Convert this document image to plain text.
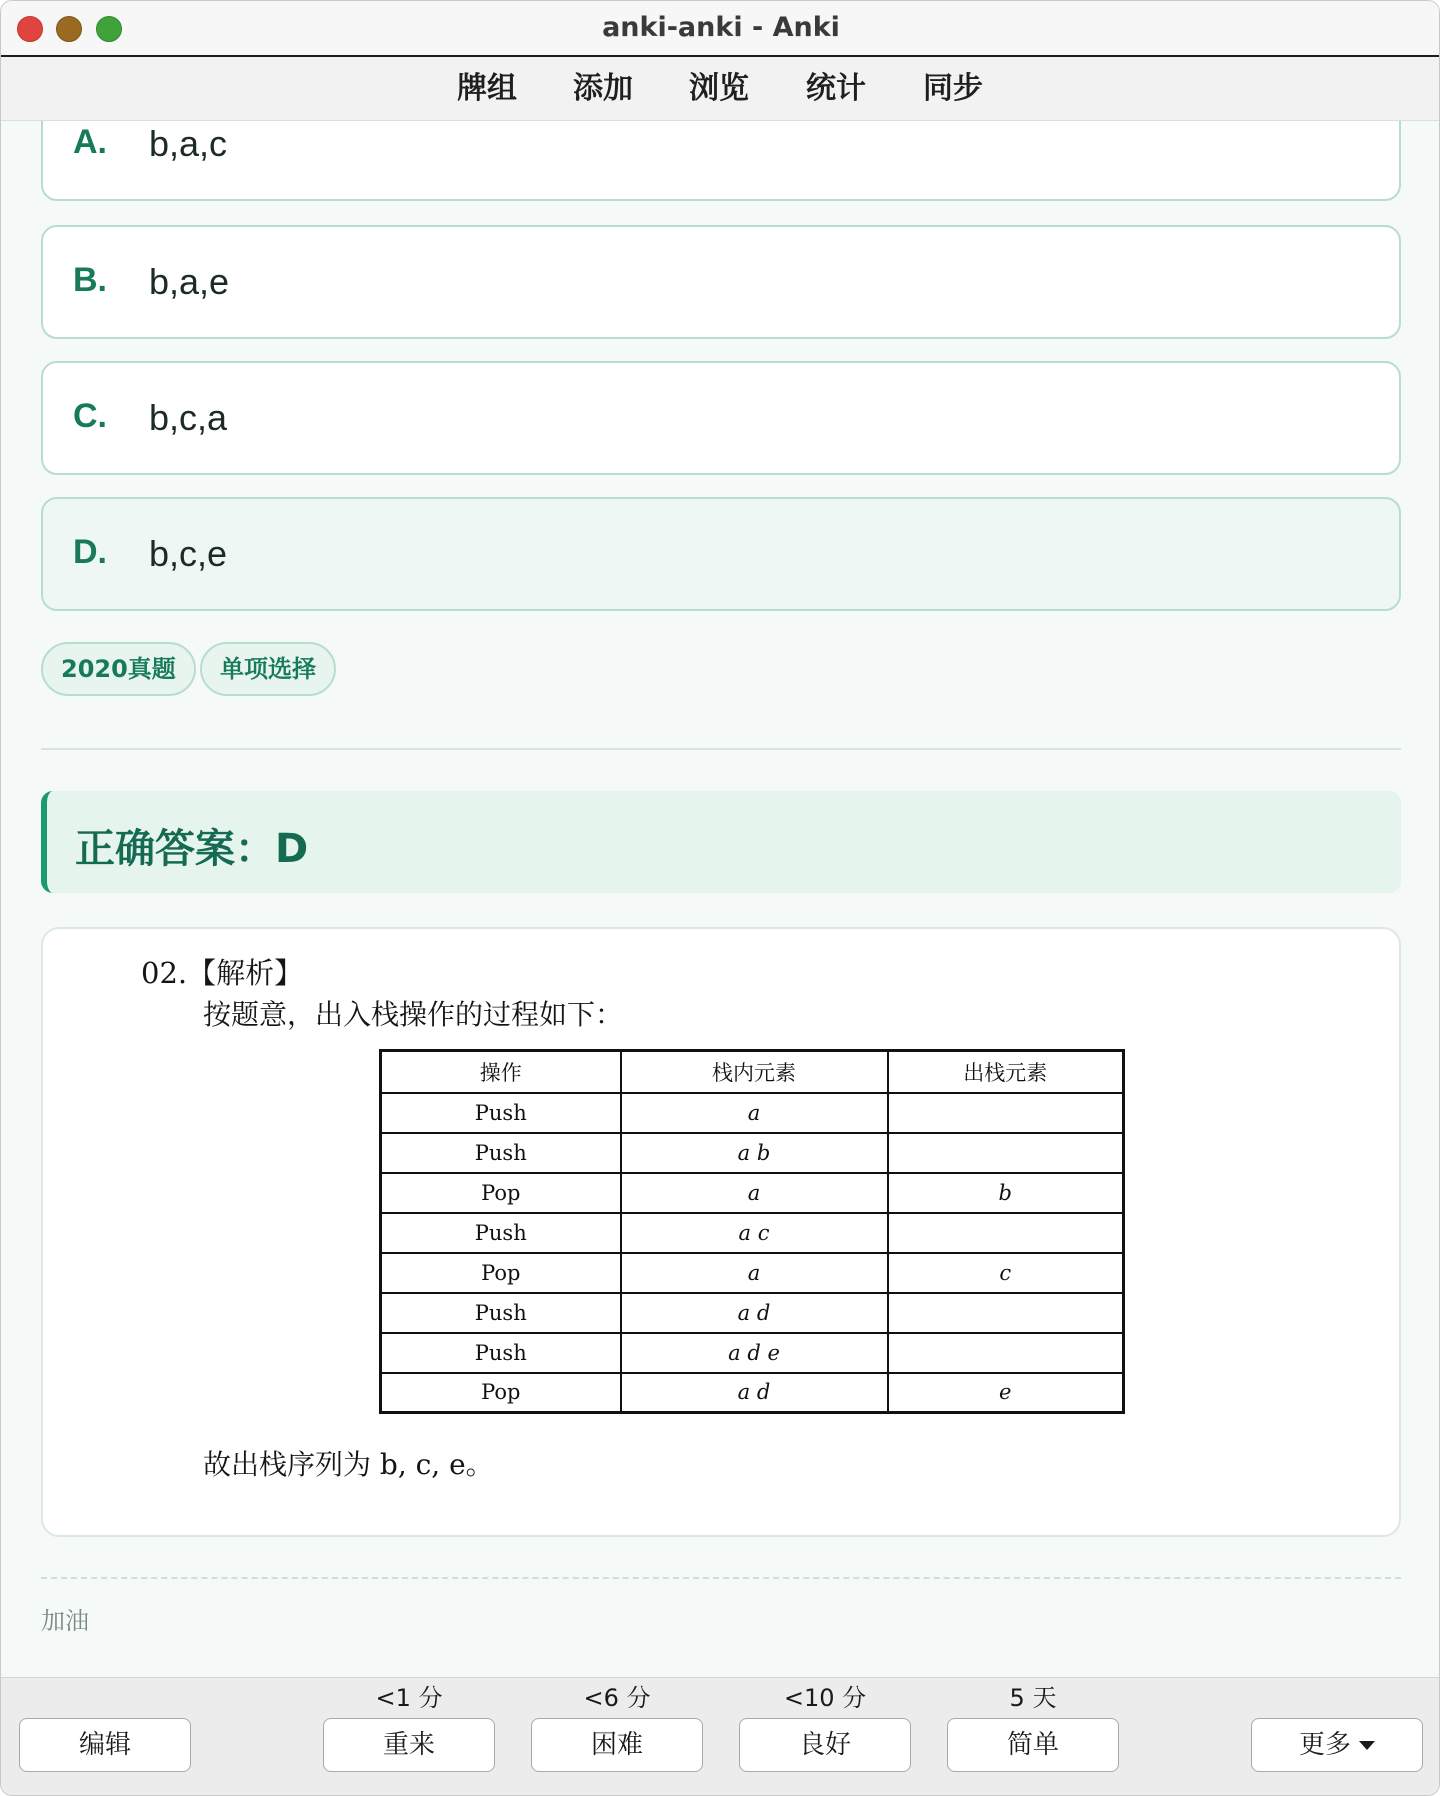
anki-anki - Anki
牌组 添加 浏览 统计 同步
A. b,a,c
B. b,a,e
C. b,c,a
D. b,c,e
2020真题	单项选择
正确答案：D
02.【解析】
按题意，出入栈操作的过程如下：
操作	栈内元素	出栈元素
Push	a	
Push	a b	
Pop	a	b
Push	a c	
Pop	a	c
Push	a d	
Push	a d e	
Pop	a d	e
故出栈序列为 b, c, e。
加油
编辑
<1 分
重来
<6 分
困难
<10 分
良好
5 天
简单	更多
